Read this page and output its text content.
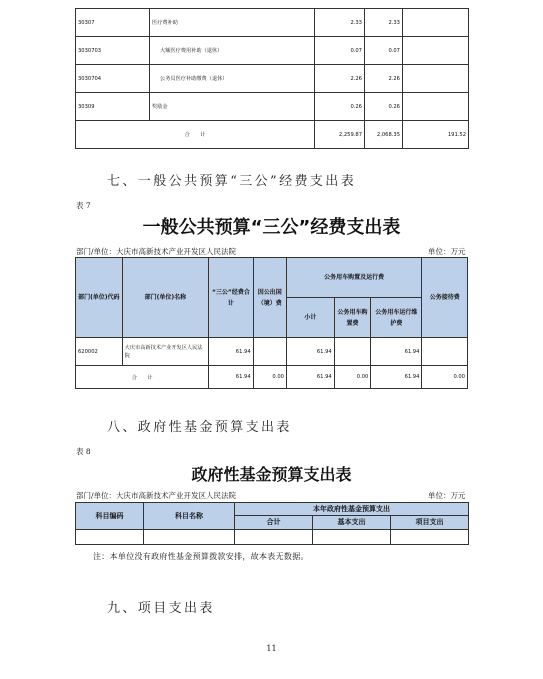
30307	医疗费补助	2.33	2.33	
3030703	大额医疗费用补助（退休）	0.07	0.07	
3030704	公务员医疗补助缴费（退休）	2.26	2.26	
30309	奖励金	0.26	0.26	
合　　计		2,259.87	2,068.35	191.52
七、一般公共预算“三公”经费支出表
表 7
一般公共预算“三公”经费支出表
部门/单位：大庆市高新技术产业开发区人民法院	单位：万元
部门(单位)代码	部门(单位)名称	“三公”经费合计	因公出国（境）费	公务用车购置及运行费			公务接待费
				小计	公务用车购置费	公务用车运行维护费	
620002	大庆市高新技术产业开发区人民法院	61.94		61.94		61.94	
合　　计		61.94	0.00	61.94	0.00	61.94	0.00
八、政府性基金预算支出表
表 8
政府性基金预算支出表
部门/单位：大庆市高新技术产业开发区人民法院	单位：万元
科目编码	科目名称	本年政府性基金预算支出		
		合计	基本支出	项目支出

注：本单位没有政府性基金预算拨款安排，故本表无数据。
九、项目支出表
11
